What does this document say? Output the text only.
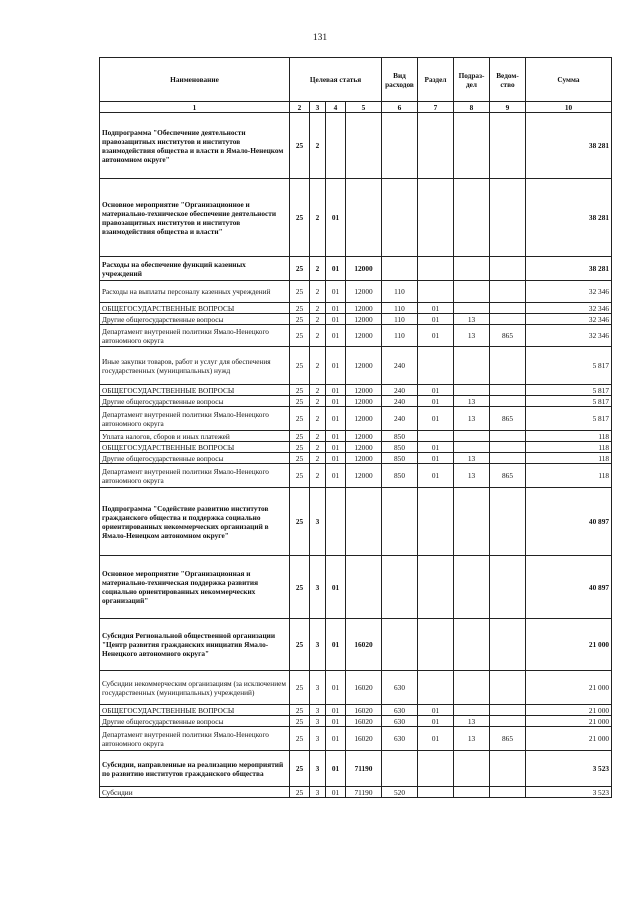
131
Наименование	Целевая статья				Вид расходов	Раздел	Подраз-дел	Ведом-ство	Сумма
1	2	3	4	5	6	7	8	9	10
Подпрограмма "Обеспечение деятельности правозащитных институтов и институтов взаимодействия общества и власти в Ямало-Ненецком автономном округе"	25	2							38 281
Основное мероприятие "Организационное и материально-техническое обеспечение деятельности правозащитных институтов и институтов взаимодействия общества и власти"	25	2	01						38 281
Расходы на обеспечение функций казенных учреждений	25	2	01	12000					38 281
Расходы на выплаты персоналу казенных учреждений	25	2	01	12000	110				32 346
ОБЩЕГОСУДАРСТВЕННЫЕ ВОПРОСЫ	25	2	01	12000	110	01			32 346
Другие общегосударственные вопросы	25	2	01	12000	110	01	13		32 346
Департамент внутренней политики Ямало-Ненецкого автономного округа	25	2	01	12000	110	01	13	865	32 346
Иные закупки товаров, работ и услуг для обеспечения государственных (муниципальных) нужд	25	2	01	12000	240				5 817
ОБЩЕГОСУДАРСТВЕННЫЕ ВОПРОСЫ	25	2	01	12000	240	01			5 817
Другие общегосударственные вопросы	25	2	01	12000	240	01	13		5 817
Департамент внутренней политики Ямало-Ненецкого автономного округа	25	2	01	12000	240	01	13	865	5 817
Уплата налогов, сборов и иных платежей	25	2	01	12000	850				118
ОБЩЕГОСУДАРСТВЕННЫЕ ВОПРОСЫ	25	2	01	12000	850	01			118
Другие общегосударственные вопросы	25	2	01	12000	850	01	13		118
Департамент внутренней политики Ямало-Ненецкого автономного округа	25	2	01	12000	850	01	13	865	118
Подпрограмма "Содействие развитию институтов гражданского общества и поддержка социально ориентированных некоммерческих организаций в Ямало-Ненецком автономном округе"	25	3							40 897
Основное мероприятие "Организационная и материально-техническая поддержка развития социально ориентированных некоммерческих организаций"	25	3	01						40 897
Субсидия Региональной общественной организации "Центр развития гражданских инициатив Ямало-Ненецкого автономного округа"	25	3	01	16020					21 000
Субсидии некоммерческим организациям (за исключением государственных (муниципальных) учреждений)	25	3	01	16020	630				21 000
ОБЩЕГОСУДАРСТВЕННЫЕ ВОПРОСЫ	25	3	01	16020	630	01			21 000
Другие общегосударственные вопросы	25	3	01	16020	630	01	13		21 000
Департамент внутренней политики Ямало-Ненецкого автономного округа	25	3	01	16020	630	01	13	865	21 000
Субсидии, направленные на реализацию мероприятий по развитию институтов гражданского общества	25	3	01	71190					3 523
Субсидии	25	3	01	71190	520				3 523
